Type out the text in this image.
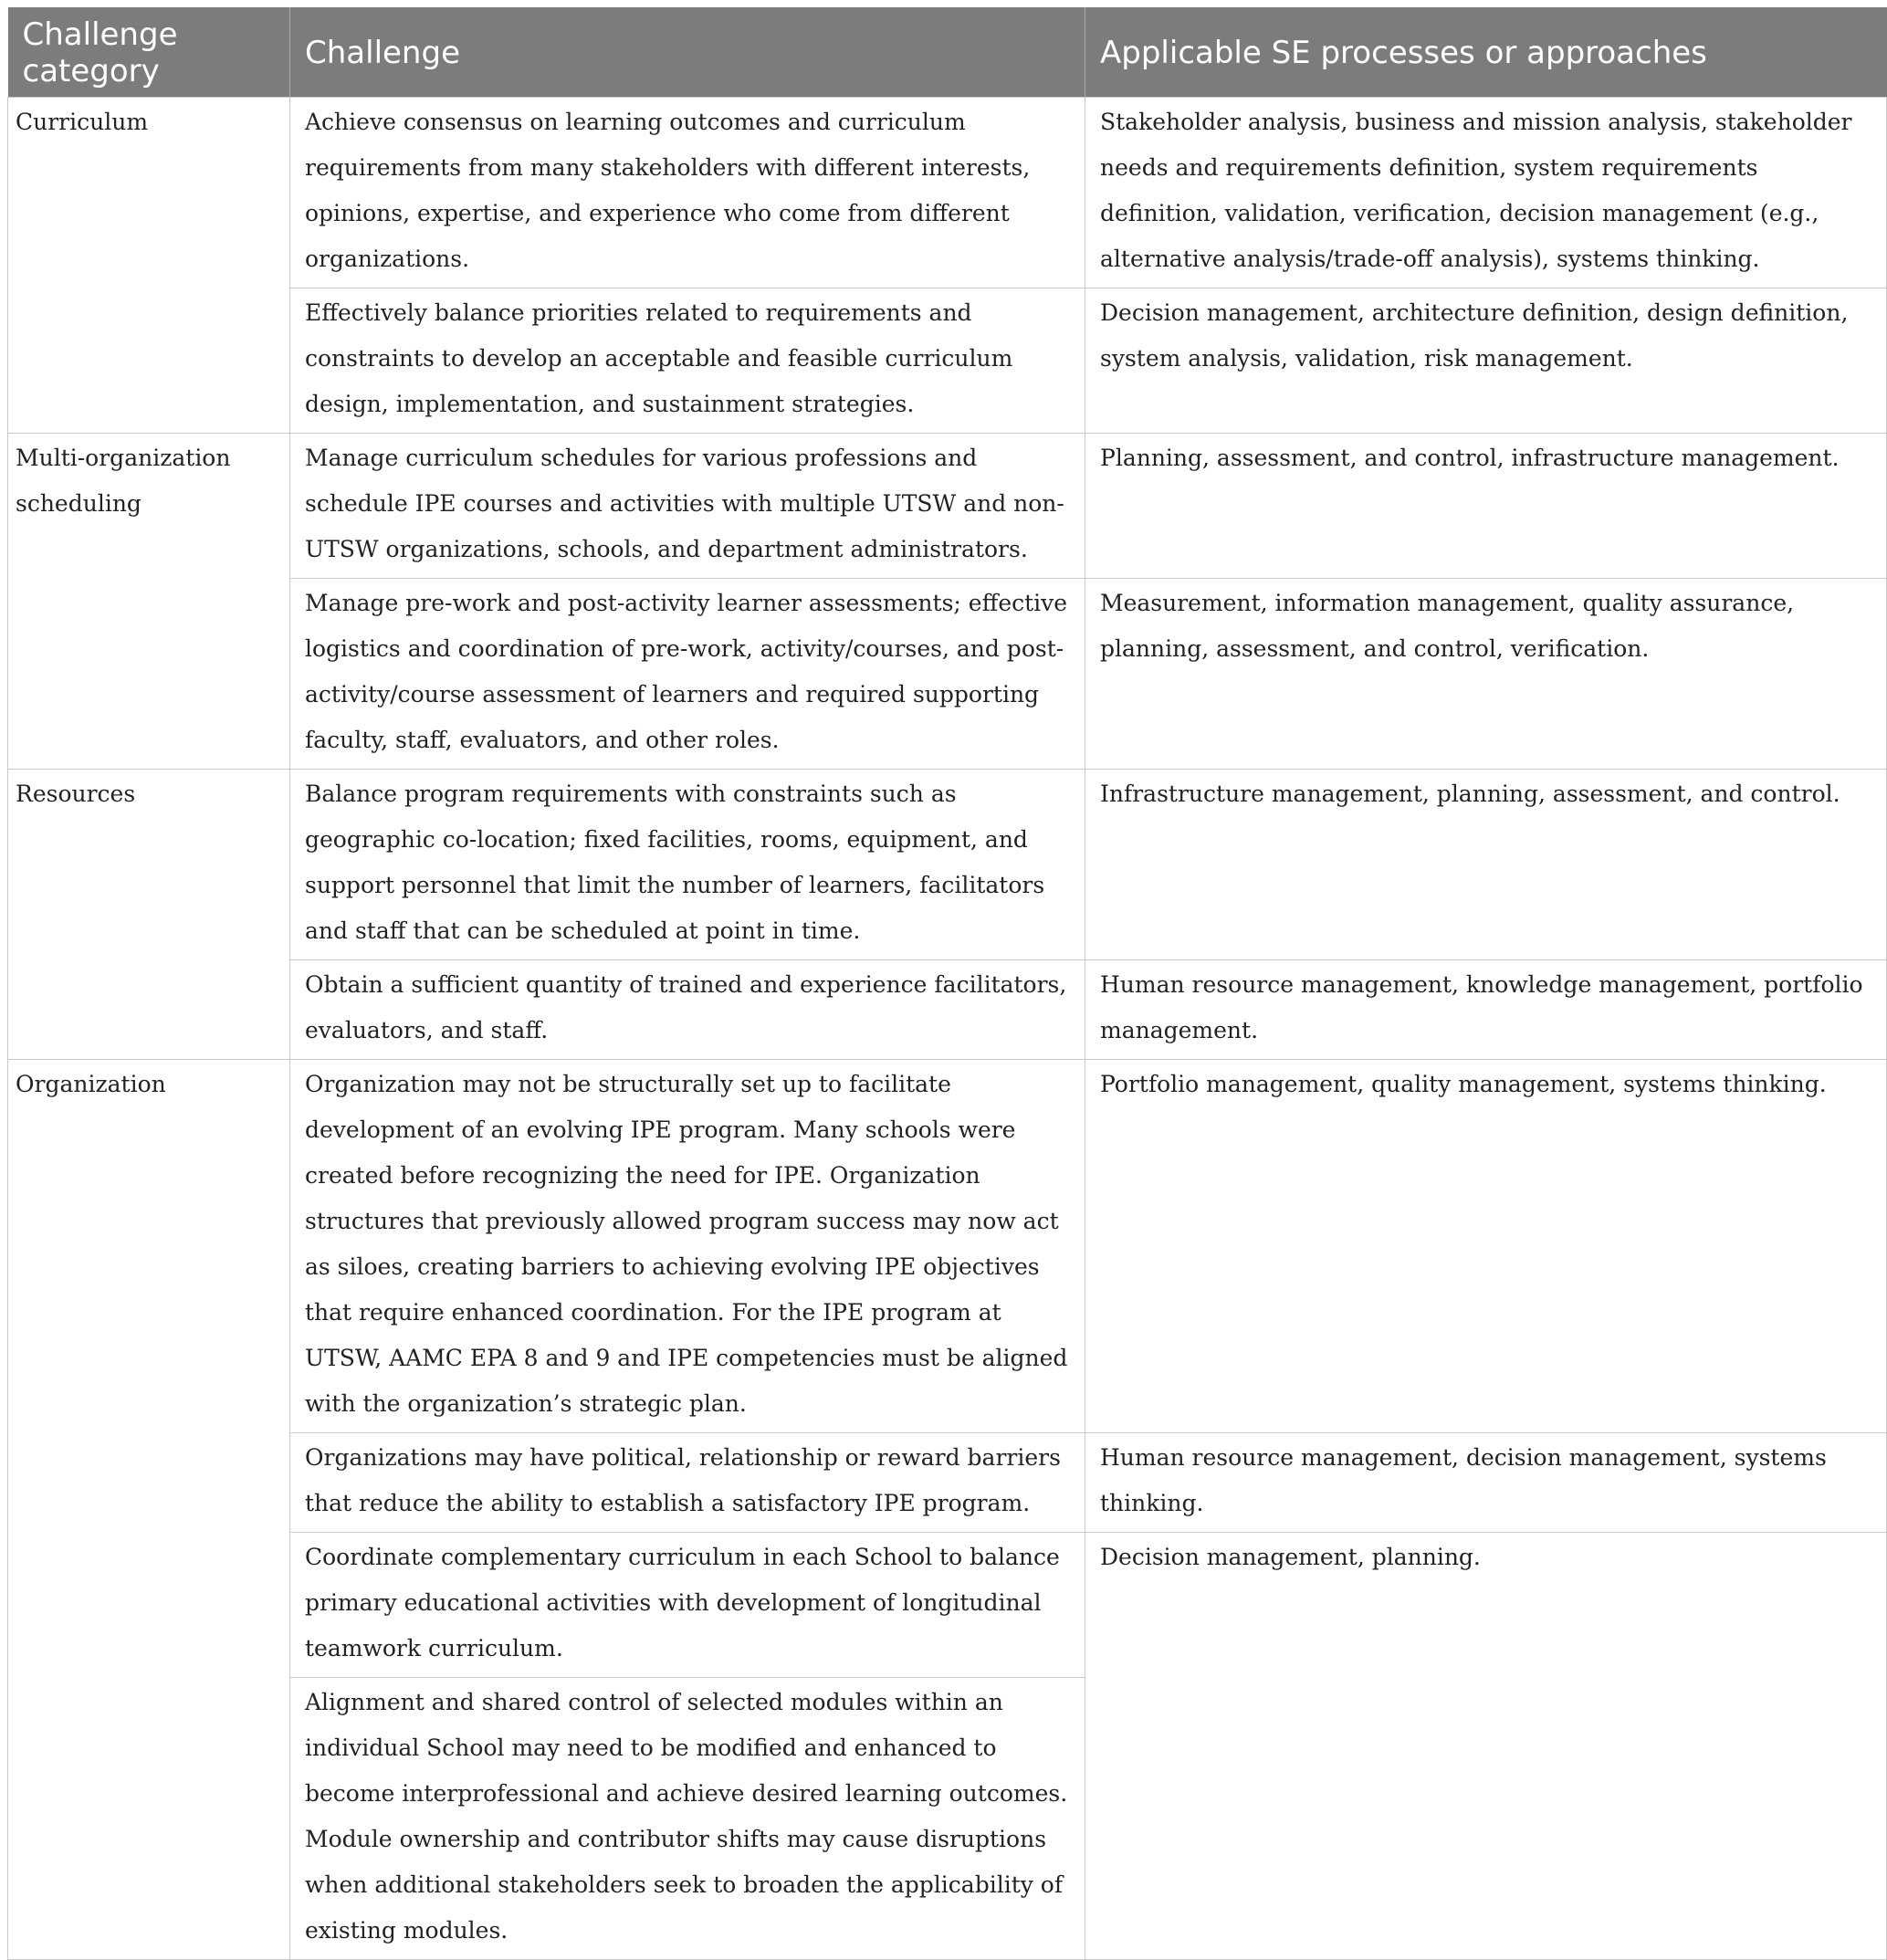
Challenge category	Challenge	Applicable SE processes or approaches
Curriculum	Achieve consensus on learning outcomes and curriculum requirements from many stakeholders with different interests, opinions, expertise, and experience who come from different organizations.	Stakeholder analysis, business and mission analysis, stakeholder needs and requirements definition, system requirements definition, validation, verification, decision management (e.g., alternative analysis/trade-off analysis), systems thinking.
	Effectively balance priorities related to requirements and constraints to develop an acceptable and feasible curriculum design, implementation, and sustainment strategies.	Decision management, architecture definition, design definition, system analysis, validation, risk management.
Multi-organization scheduling	Manage curriculum schedules for various professions and schedule IPE courses and activities with multiple UTSW and non-UTSW organizations, schools, and department administrators.	Planning, assessment, and control, infrastructure management.
	Manage pre-work and post-activity learner assessments; effective logistics and coordination of pre-work, activity/courses, and post-activity/course assessment of learners and required supporting faculty, staff, evaluators, and other roles.	Measurement, information management, quality assurance, planning, assessment, and control, verification.
Resources	Balance program requirements with constraints such as geographic co-location; fixed facilities, rooms, equipment, and support personnel that limit the number of learners, facilitators and staff that can be scheduled at point in time.	Infrastructure management, planning, assessment, and control.
	Obtain a sufficient quantity of trained and experience facilitators, evaluators, and staff.	Human resource management, knowledge management, portfolio management.
Organization	Organization may not be structurally set up to facilitate development of an evolving IPE program. Many schools were created before recognizing the need for IPE. Organization structures that previously allowed program success may now act as siloes, creating barriers to achieving evolving IPE objectives that require enhanced coordination. For the IPE program at UTSW, AAMC EPA 8 and 9 and IPE competencies must be aligned with the organization’s strategic plan.	Portfolio management, quality management, systems thinking.
	Organizations may have political, relationship or reward barriers that reduce the ability to establish a satisfactory IPE program.	Human resource management, decision management, systems thinking.
	Coordinate complementary curriculum in each School to balance primary educational activities with development of longitudinal teamwork curriculum.	Decision management, planning.
	Alignment and shared control of selected modules within an individual School may need to be modified and enhanced to become interprofessional and achieve desired learning outcomes. Module ownership and contributor shifts may cause disruptions when additional stakeholders seek to broaden the applicability of existing modules.	
